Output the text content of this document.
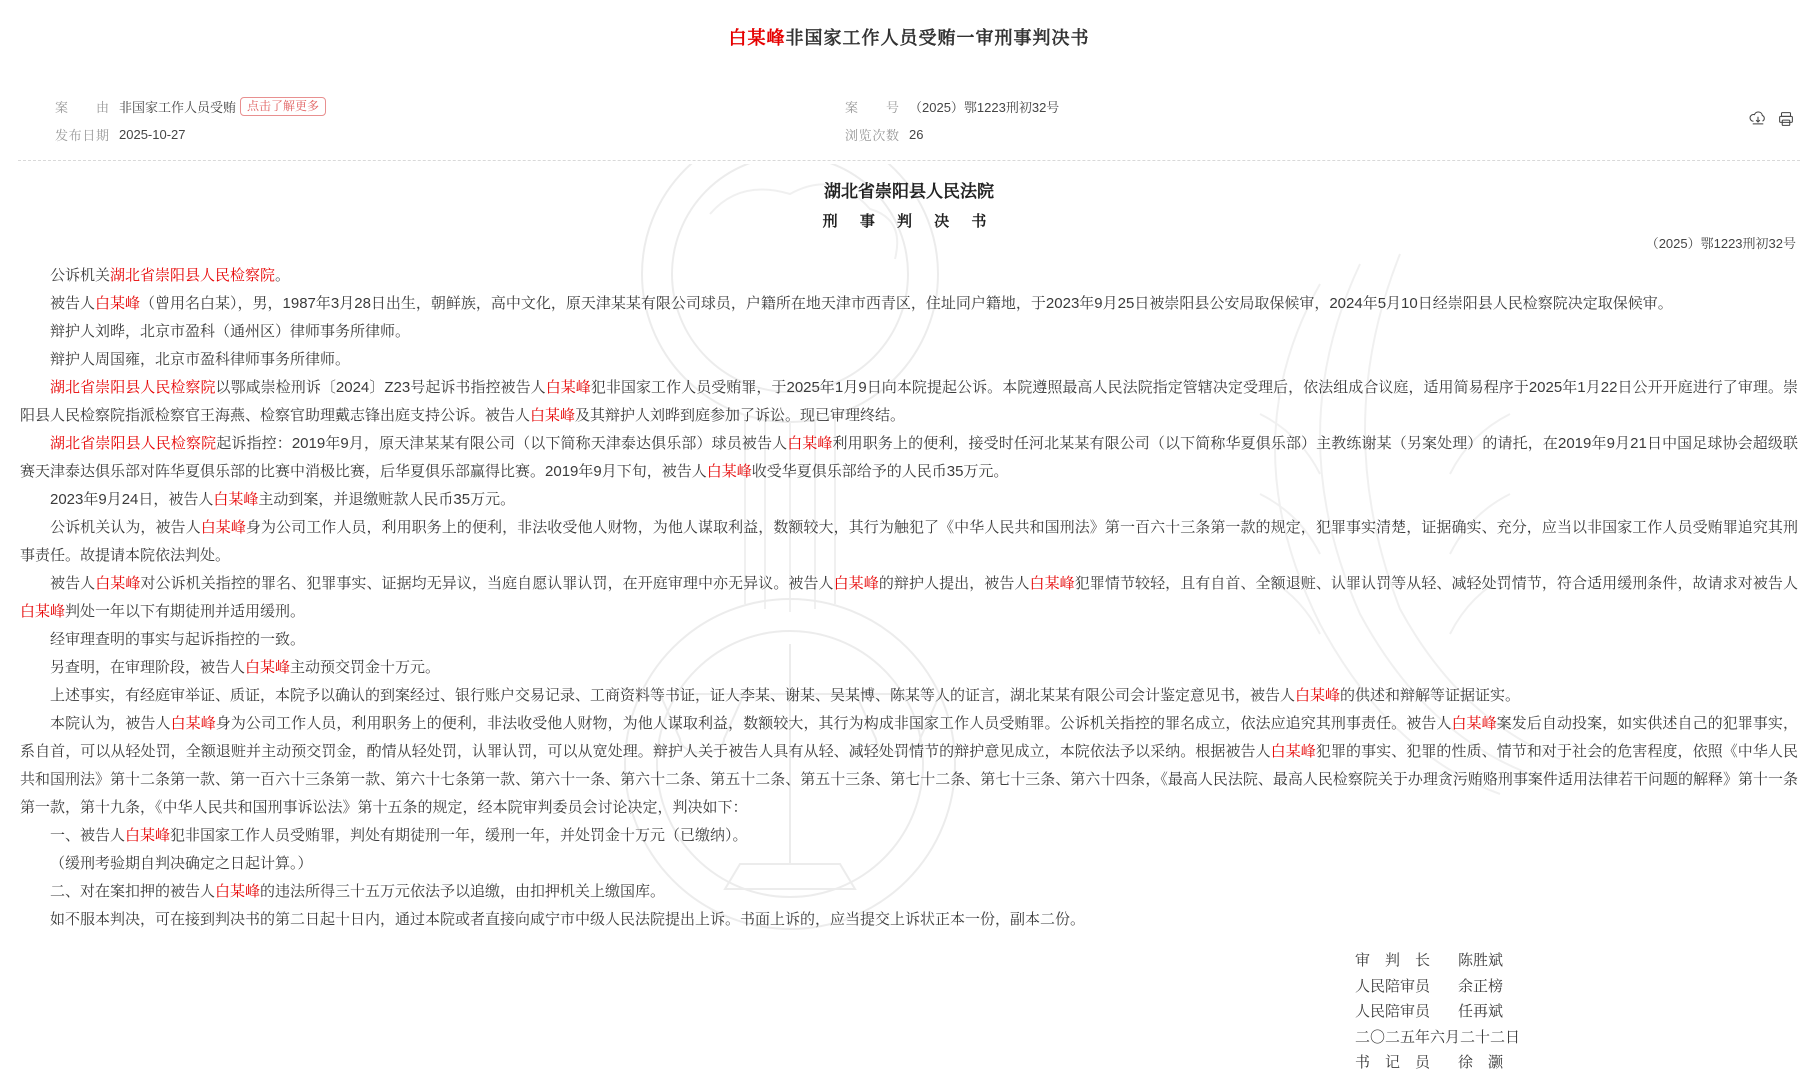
白某峰非国家工作人员受贿一审刑事判决书
案由 非国家工作人员受贿 点击了解更多	案号 （2025）鄂1223刑初32号
发布日期 2025-10-27	浏览次数 26
湖北省崇阳县人民法院
刑 事 判 决 书
（2025）鄂1223刑初32号

公诉机关湖北省崇阳县人民检察院。

被告人白某峰（曾用名白某），男，1987年3月28日出生，朝鲜族，高中文化，原天津某某有限公司球员，户籍所在地天津市西青区，住址同户籍地，于2023年9月25日被崇阳县公安局取保候审，2024年5月10日经崇阳县人民检察院决定取保候审。

辩护人刘晔，北京市盈科（通州区）律师事务所律师。

辩护人周国雍，北京市盈科律师事务所律师。

湖北省崇阳县人民检察院以鄂咸崇检刑诉〔2024〕Z23号起诉书指控被告人白某峰犯非国家工作人员受贿罪，于2025年1月9日向本院提起公诉。本院遵照最高人民法院指定管辖决定受理后，依法组成合议庭，适用简易程序于2025年1月22日公开开庭进行了审理。崇阳县人民检察院指派检察官王海燕、检察官助理戴志锋出庭支持公诉。被告人白某峰及其辩护人刘晔到庭参加了诉讼。现已审理终结。

湖北省崇阳县人民检察院起诉指控：2019年9月，原天津某某有限公司（以下简称天津泰达俱乐部）球员被告人白某峰利用职务上的便利，接受时任河北某某有限公司（以下简称华夏俱乐部）主教练谢某（另案处理）的请托，在2019年9月21日中国足球协会超级联赛天津泰达俱乐部对阵华夏俱乐部的比赛中消极比赛，后华夏俱乐部赢得比赛。2019年9月下旬，被告人白某峰收受华夏俱乐部给予的人民币35万元。

2023年9月24日，被告人白某峰主动到案，并退缴赃款人民币35万元。

公诉机关认为，被告人白某峰身为公司工作人员，利用职务上的便利，非法收受他人财物，为他人谋取利益，数额较大，其行为触犯了《中华人民共和国刑法》第一百六十三条第一款的规定，犯罪事实清楚，证据确实、充分，应当以非国家工作人员受贿罪追究其刑事责任。故提请本院依法判处。

被告人白某峰对公诉机关指控的罪名、犯罪事实、证据均无异议，当庭自愿认罪认罚，在开庭审理中亦无异议。被告人白某峰的辩护人提出，被告人白某峰犯罪情节较轻，且有自首、全额退赃、认罪认罚等从轻、减轻处罚情节，符合适用缓刑条件，故请求对被告人白某峰判处一年以下有期徒刑并适用缓刑。

经审理查明的事实与起诉指控的一致。

另查明，在审理阶段，被告人白某峰主动预交罚金十万元。

上述事实，有经庭审举证、质证，本院予以确认的到案经过、银行账户交易记录、工商资料等书证，证人李某、谢某、吴某博、陈某等人的证言，湖北某某有限公司会计鉴定意见书，被告人白某峰的供述和辩解等证据证实。

本院认为，被告人白某峰身为公司工作人员，利用职务上的便利，非法收受他人财物，为他人谋取利益，数额较大，其行为构成非国家工作人员受贿罪。公诉机关指控的罪名成立，依法应追究其刑事责任。被告人白某峰案发后自动投案，如实供述自己的犯罪事实，系自首，可以从轻处罚，全额退赃并主动预交罚金，酌情从轻处罚，认罪认罚，可以从宽处理。辩护人关于被告人具有从轻、减轻处罚情节的辩护意见成立，本院依法予以采纳。根据被告人白某峰犯罪的事实、犯罪的性质、情节和对于社会的危害程度，依照《中华人民共和国刑法》第十二条第一款、第一百六十三条第一款、第六十七条第一款、第六十一条、第六十二条、第五十二条、第五十三条、第七十二条、第七十三条、第六十四条，《最高人民法院、最高人民检察院关于办理贪污贿赂刑事案件适用法律若干问题的解释》第十一条第一款，第十九条，《中华人民共和国刑事诉讼法》第十五条的规定，经本院审判委员会讨论决定，判决如下：

一、被告人白某峰犯非国家工作人员受贿罪，判处有期徒刑一年，缓刑一年，并处罚金十万元（已缴纳）。

（缓刑考验期自判决确定之日起计算。）

二、对在案扣押的被告人白某峰的违法所得三十五万元依法予以追缴，由扣押机关上缴国库。

如不服本判决，可在接到判决书的第二日起十日内，通过本院或者直接向咸宁市中级人民法院提出上诉。书面上诉的，应当提交上诉状正本一份，副本二份。

审　判　长 陈胜斌
人民陪审员 余正榜
人民陪审员 任再斌
二〇二五年六月二十二日
书　记　员 徐　灏
